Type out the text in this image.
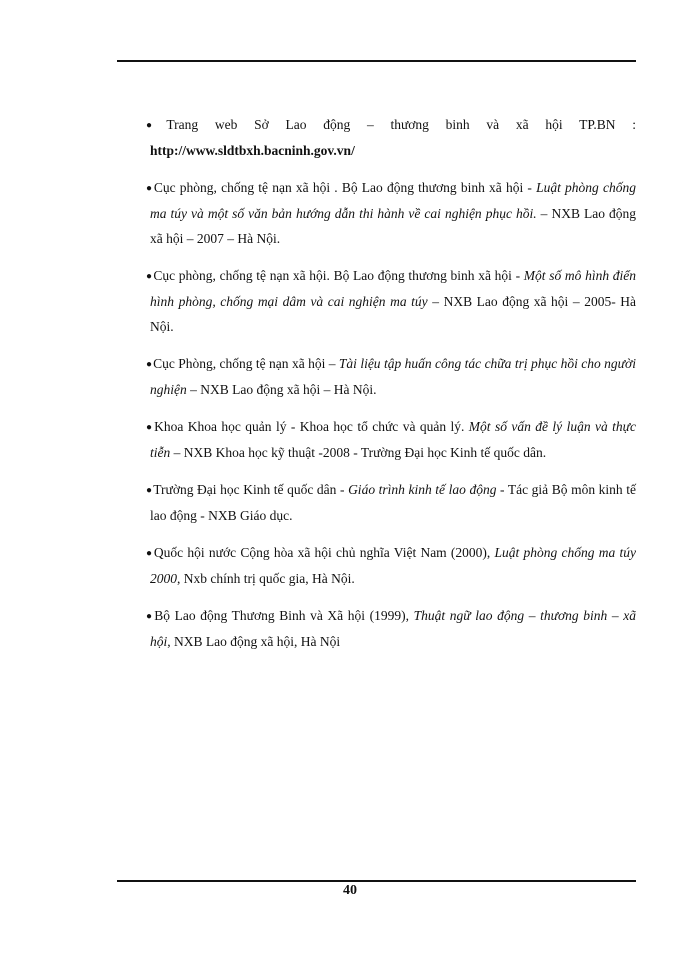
●Trang web Sở Lao động – thương binh và xã hội TP.BN : http://www.sldtbxh.bacninh.gov.vn/

●Cục phòng, chống tệ nạn xã hội . Bộ Lao động thương binh xã hội - Luật phòng chống ma túy và một số văn bản hướng dẫn thi hành về cai nghiện phục hồi. – NXB Lao động xã hội – 2007 – Hà Nội.

●Cục phòng, chống tệ nạn xã hội. Bộ Lao động thương binh xã hội - Một số mô hình điển hình phòng, chống mại dâm và cai nghiện ma túy – NXB Lao động xã hội – 2005- Hà Nội.

●Cục Phòng, chống tệ nạn xã hội – Tài liệu tập huấn công tác chữa trị phục hồi cho người nghiện – NXB Lao động xã hội – Hà Nội.

●Khoa Khoa học quản lý - Khoa học tổ chức và quản lý. Một số vấn đề lý luận và thực tiễn – NXB Khoa học kỹ thuật -2008 - Trường Đại học Kinh tế quốc dân.

●Trường Đại học Kinh tế quốc dân - Giáo trình kinh tế lao động - Tác giả Bộ môn kinh tế lao động - NXB Giáo dục.

●Quốc hội nước Cộng hòa xã hội chủ nghĩa Việt Nam (2000), Luật phòng chống ma túy 2000, Nxb chính trị quốc gia, Hà Nội.

●Bộ Lao động Thương Binh và Xã hội (1999), Thuật ngữ lao động – thương binh – xã hội, NXB Lao động xã hội, Hà Nội

40
